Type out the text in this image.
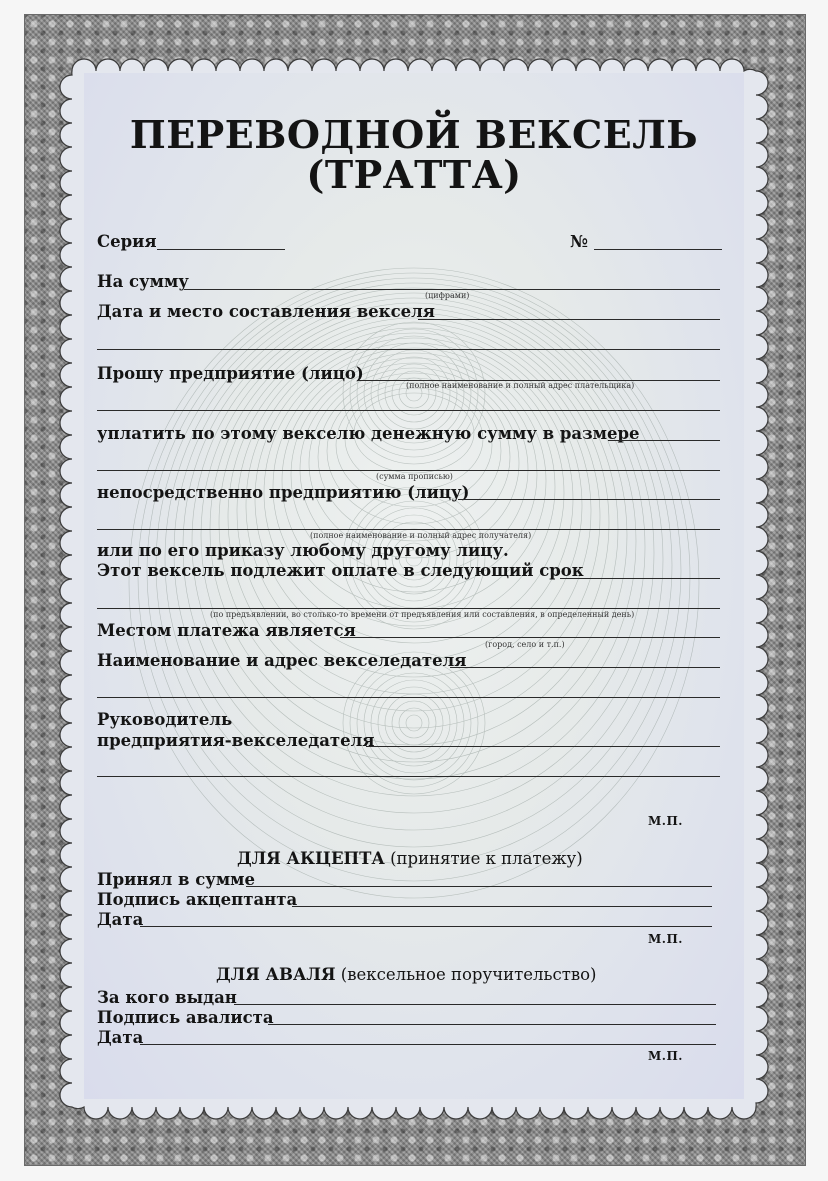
ПЕРЕВОДНОЙ ВЕКСЕЛЬ
(ТРАТТА)
Серия	№
На сумму
(цифрами)
Дата и место составления векселя
Прошу предприятие (лицо)
(полное наименование и полный адрес плательщика)
уплатить по этому векселю денежную сумму в размере
(сумма прописью)
непосредственно предприятию (лицу)
(полное наименование и полный адрес получателя)
или по его приказу любому другому лицу.
Этот вексель подлежит оплате в следующий срок
(по предъявлении, во столько-то времени от предъявления или составления, в определенный день)
Местом платежа является
(город, село и т.п.)
Наименование и адрес векселедателя
Руководитель
предприятия-векселедателя
М.П.
ДЛЯ АКЦЕПТА (принятие к платежу)
Принял в сумме
Подпись акцептанта
Дата
М.П.
ДЛЯ АВАЛЯ (вексельное поручительство)
За кого выдан
Подпись авалиста
Дата
М.П.
